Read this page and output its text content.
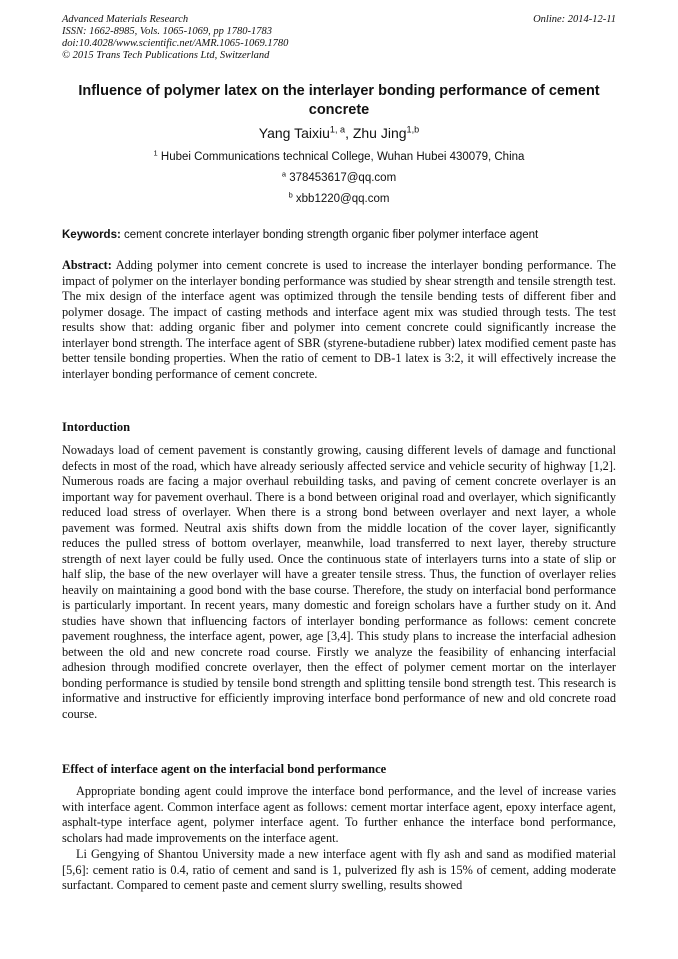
Advanced Materials Research
ISSN: 1662-8985, Vols. 1065-1069, pp 1780-1783
doi:10.4028/www.scientific.net/AMR.1065-1069.1780
© 2015 Trans Tech Publications Ltd, Switzerland
Online: 2014-12-11
Influence of polymer latex on the interlayer bonding performance of cement concrete
Yang Taixiu$^{1, a}$, Zhu Jing$^{1,b}$
$^1$ Hubei Communications technical College, Wuhan Hubei 430079, China
$^a$ 378453617@qq.com
$^b$ xbb1220@qq.com
Keywords: cement concrete interlayer bonding strength organic fiber polymer interface agent
Abstract: Adding polymer into cement concrete is used to increase the interlayer bonding performance. The impact of polymer on the interlayer bonding performance was studied by shear strength and tensile strength test. The mix design of the interface agent was optimized through the tensile bending tests of different fiber and polymer dosage. The impact of casting methods and interface agent mix was studied through tests. The test results show that: adding organic fiber and polymer into cement concrete could significantly increase the interlayer bond strength. The interface agent of SBR (styrene-butadiene rubber) latex modified cement paste has better tensile bonding properties. When the ratio of cement to DB-1 latex is 3:2, it will effectively increase the interlayer bonding performance of cement concrete.
Intorduction
Nowadays load of cement pavement is constantly growing, causing different levels of damage and functional defects in most of the road, which have already seriously affected service and vehicle security of highway [1,2]. Numerous roads are facing a major overhaul rebuilding tasks, and paving of cement concrete overlayer is an important way for pavement overhaul. There is a bond between original road and overlayer, which significantly reduced load stress of overlayer. When there is a strong bond between overlayer and next layer, a whole pavement was formed. Neutral axis shifts down from the middle location of the cover layer, significantly reduces the pulled stress of bottom overlayer, meanwhile, load transferred to next layer, thereby structure strength of next layer could be fully used. Once the continuous state of interlayers turns into a state of slip or half slip, the base of the new overlayer will have a greater tensile stress. Thus, the function of overlayer relies heavily on maintaining a good bond with the base course. Therefore, the study on interfacial bond performance is particularly important. In recent years, many domestic and foreign scholars have a further study on it. And studies have shown that influencing factors of interlayer bonding performance as follows: cement concrete pavement roughness, the interface agent, power, age [3,4]. This study plans to increase the interfacial adhesion between the old and new concrete road course. Firstly we analyze the feasibility of enhancing interfacial adhesion through modified concrete overlayer, then the effect of polymer cement mortar on the interlayer bonding performance is studied by tensile bond strength and splitting tensile bond strength test. This research is informative and instructive for efficiently improving interface bond performance of new and old concrete road course.
Effect of interface agent on the interfacial bond performance
Appropriate bonding agent could improve the interface bond performance, and the level of increase varies with interface agent. Common interface agent as follows: cement mortar interface agent, epoxy interface agent, asphalt-type interface agent, polymer interface agent. To further enhance the interface bond performance, scholars had made improvements on the interface agent.
Li Gengying of Shantou University made a new interface agent with fly ash and sand as modified material [5,6]: cement ratio is 0.4, ratio of cement and sand is 1, pulverized fly ash is 15% of cement, adding moderate surfactant. Compared to cement paste and cement slurry swelling, results showed
